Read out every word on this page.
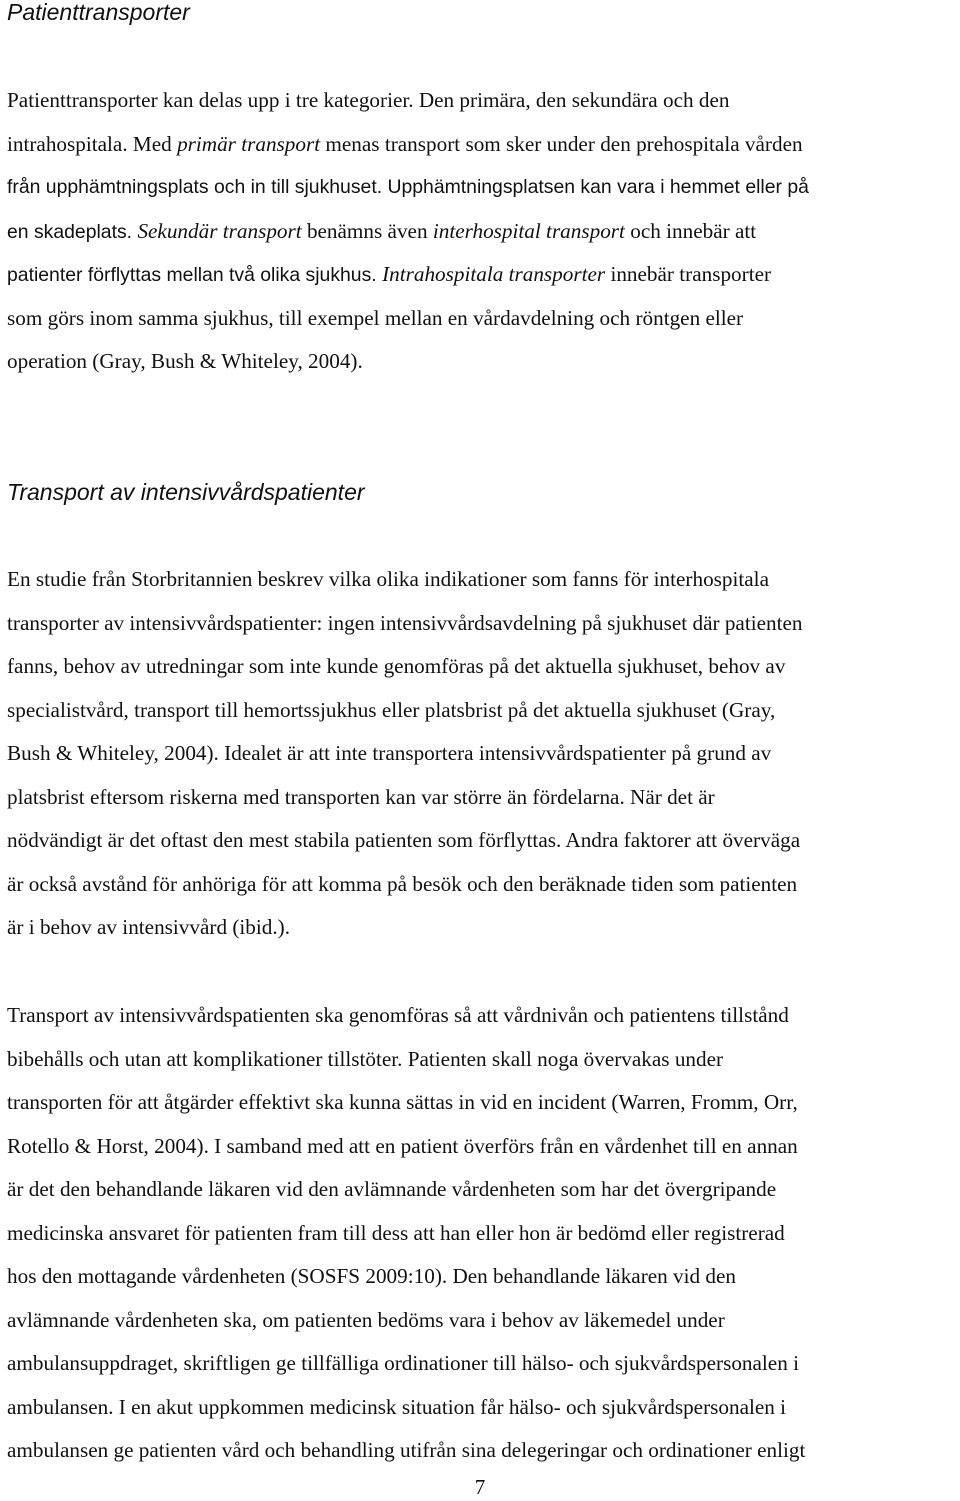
Patienttransporter
Patienttransporter kan delas upp i tre kategorier. Den primära, den sekundära och den
intrahospitala. Med primär transport menas transport som sker under den prehospitala vården
från upphämtningsplats och in till sjukhuset. Upphämtningsplatsen kan vara i hemmet eller på
en skadeplats. Sekundär transport benämns även interhospital transport och innebär att
patienter förflyttas mellan två olika sjukhus. Intrahospitala transporter innebär transporter
som görs inom samma sjukhus, till exempel mellan en vårdavdelning och röntgen eller
operation (Gray, Bush & Whiteley, 2004).
Transport av intensivvårdspatienter
En studie från Storbritannien beskrev vilka olika indikationer som fanns för interhospitala
transporter av intensivvårdspatienter: ingen intensivvårdsavdelning på sjukhuset där patienten
fanns, behov av utredningar som inte kunde genomföras på det aktuella sjukhuset, behov av
specialistvård, transport till hemortssjukhus eller platsbrist på det aktuella sjukhuset (Gray,
Bush & Whiteley, 2004). Idealet är att inte transportera intensivvårdspatienter på grund av
platsbrist eftersom riskerna med transporten kan var större än fördelarna. När det är
nödvändigt är det oftast den mest stabila patienten som förflyttas. Andra faktorer att överväga
är också avstånd för anhöriga för att komma på besök och den beräknade tiden som patienten
är i behov av intensivvård (ibid.).
Transport av intensivvårdspatienten ska genomföras så att vårdnivån och patientens tillstånd
bibehålls och utan att komplikationer tillstöter. Patienten skall noga övervakas under
transporten för att åtgärder effektivt ska kunna sättas in vid en incident (Warren, Fromm, Orr,
Rotello & Horst, 2004). I samband med att en patient överförs från en vårdenhet till en annan
är det den behandlande läkaren vid den avlämnande vårdenheten som har det övergripande
medicinska ansvaret för patienten fram till dess att han eller hon är bedömd eller registrerad
hos den mottagande vårdenheten (SOSFS 2009:10). Den behandlande läkaren vid den
avlämnande vårdenheten ska, om patienten bedöms vara i behov av läkemedel under
ambulansuppdraget, skriftligen ge tillfälliga ordinationer till hälso- och sjukvårdspersonalen i
ambulansen. I en akut uppkommen medicinsk situation får hälso- och sjukvårdspersonalen i
ambulansen ge patienten vård och behandling utifrån sina delegeringar och ordinationer enligt
7
